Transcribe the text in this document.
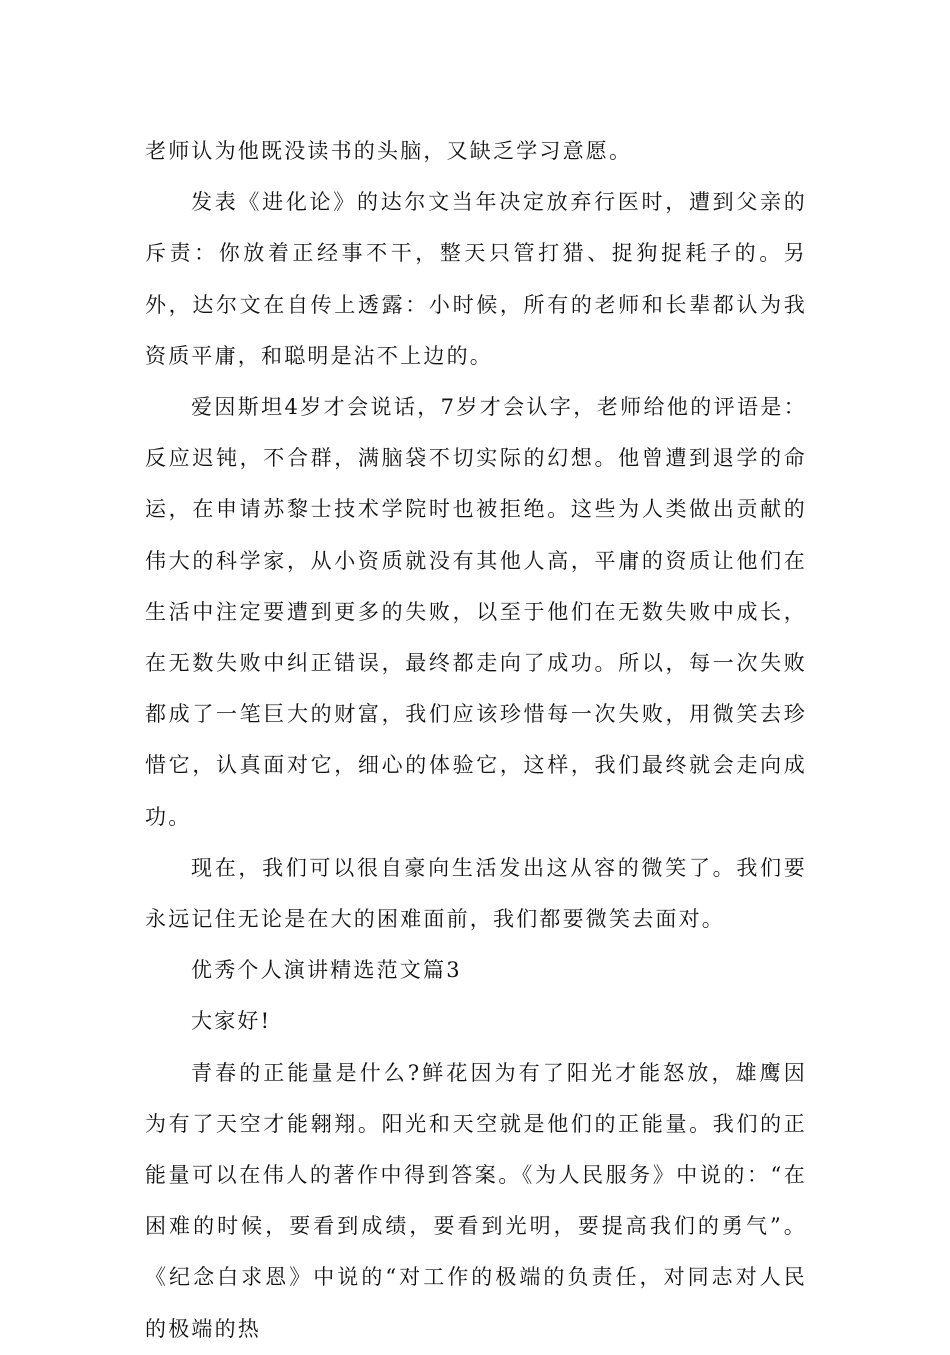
老师认为他既没读书的头脑，又缺乏学习意愿。

发表《进化论》的达尔文当年决定放弃行医时，遭到父亲的斥责：你放着正经事不干，整天只管打猎、捉狗捉耗子的。另外，达尔文在自传上透露：小时候，所有的老师和长辈都认为我资质平庸，和聪明是沾不上边的。

爱因斯坦4岁才会说话，7岁才会认字，老师给他的评语是：反应迟钝，不合群，满脑袋不切实际的幻想。他曾遭到退学的命运，在申请苏黎士技术学院时也被拒绝。这些为人类做出贡献的伟大的科学家，从小资质就没有其他人高，平庸的资质让他们在生活中注定要遭到更多的失败，以至于他们在无数失败中成长，在无数失败中纠正错误，最终都走向了成功。所以，每一次失败都成了一笔巨大的财富，我们应该珍惜每一次失败，用微笑去珍惜它，认真面对它，细心的体验它，这样，我们最终就会走向成功。

现在，我们可以很自豪向生活发出这从容的微笑了。我们要永远记住无论是在大的困难面前，我们都要微笑去面对。

优秀个人演讲精选范文篇3

大家好!

青春的正能量是什么?鲜花因为有了阳光才能怒放，雄鹰因为有了天空才能翱翔。阳光和天空就是他们的正能量。我们的正能量可以在伟人的著作中得到答案。《为人民服务》中说的：“在困难的时候，要看到成绩，要看到光明，要提高我们的勇气”。《纪念白求恩》中说的“对工作的极端的负责任，对同志对人民的极端的热
